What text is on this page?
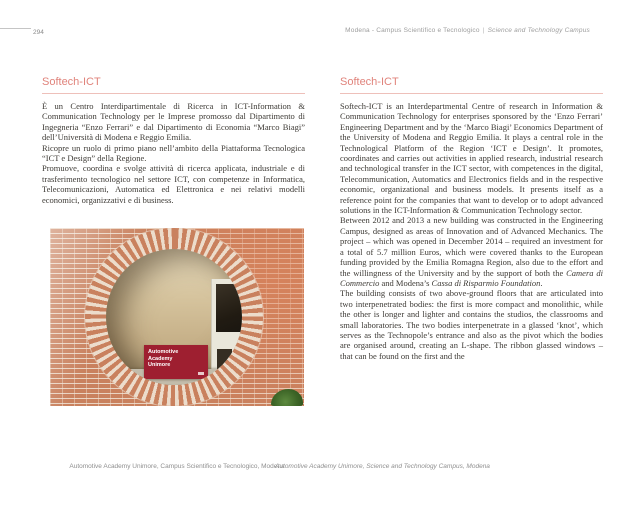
294	Modena - Campus Scientifico e Tecnologico | Science and Technology Campus
Softech-ICT

È un Centro Interdipartimentale di Ricerca in ICT-Information & Communication Technology per le Imprese promosso dal Dipartimento di Ingegneria “Enzo Ferrari” e dal Dipartimento di Economia “Marco Biagi” dell’Università di Modena e Reggio Emilia.

Ricopre un ruolo di primo piano nell’ambito della Piattaforma Tecnologica “ICT e Design” della Regione.

Promuove, coordina e svolge attività di ricerca applicata, industriale e di trasferimento tecnologico nel settore ICT, con competenze in Informatica, Telecomunicazioni, Automatica ed Elettronica e nei relativi modelli economici, organizzativi e di business.

Automotive Academy
Unimore
Automotive Academy Unimore, Campus Scientifico e Tecnologico, Modena
Softech-ICT

Softech-ICT is an Interdepartmental Centre of research in Information & Communication Technology for enterprises sponsored by the ‘Enzo Ferrari’ Engineering Department and by the ‘Marco Biagi’ Economics Department of the University of Modena and Reggio Emilia. It plays a central role in the Technological Platform of the Region ‘ICT e Design’. It promotes, coordinates and carries out activities in applied research, industrial research and technological transfer in the ICT sector, with competences in the digital, Telecommunication, Automatics and Electronics fields and in the respective economic, organizational and business models. It presents itself as a reference point for the companies that want to develop or to adopt advanced solutions in the ICT-Information & Communication Technology sector.

Between 2012 and 2013 a new building was constructed in the Engineering Campus, designed as areas of Innovation and of Advanced Mechanics. The project – which was opened in December 2014 – required an investment for a total of 5.7 million Euros, which were covered thanks to the European funding provided by the Emilia Romagna Region, also due to the effort and the willingness of the University and by the support of both the Camera di Commercio and Modena’s Cassa di Risparmio Foundation.

The building consists of two above-ground floors that are articulated into two interpenetrated bodies: the first is more compact and monolithic, while the other is longer and lighter and contains the studios, the classrooms and small laboratories. The two bodies interpenetrate in a glassed ‘knot’, which serves as the Technopole’s entrance and also as the pivot which the bodies are organised around, creating an L-shape. The ribbon glassed windows – that can be found on the first and the

Automotive Academy Unimore, Science and Technology Campus, Modena
